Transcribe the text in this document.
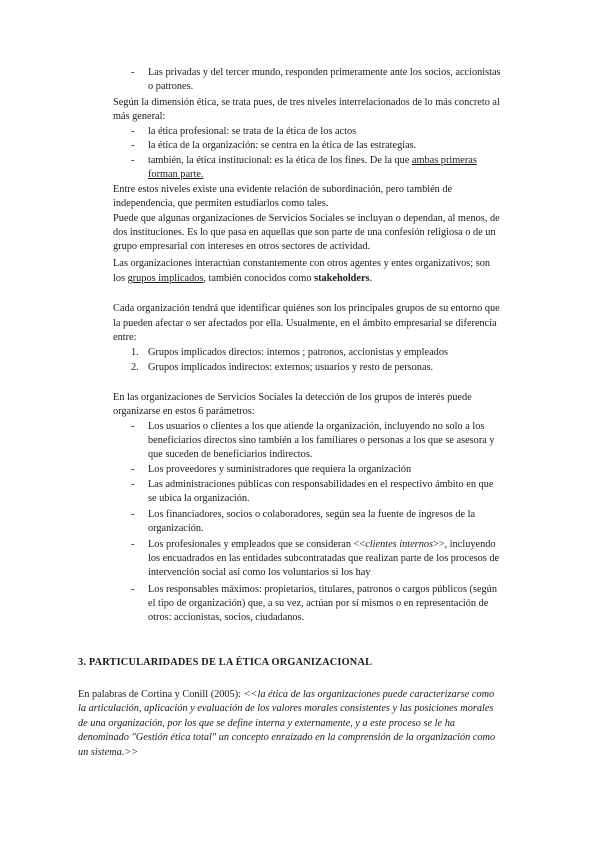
- Las privadas y del tercer mundo, responden primeramente ante los socios, accionistas
o patrones.
Según la dimensión ética, se trata pues, de tres niveles interrelacionados de lo más concreto al
más general:
- la ética profesional: se trata de la ética de los actos
- la ética de la organización: se centra en la ética de las estrategias.
- también, la ética institucional: es la ética de los fines. De la que ambas primeras
forman parte.
Entre estos niveles existe una evidente relación de subordinación, pero también de
independencia, que permiten estudiarlos como tales.
Puede que algunas organizaciones de Servicios Sociales se incluyan o dependan, al menos, de
dos instituciones. Es lo que pasa en aquellas que son parte de una confesión religiosa o de un
grupo empresarial con intereses en otros sectores de actividad.
Las organizaciones interactúan constantemente con otros agentes y entes organizativos; son
los grupos implicados, también conocidos como stakeholders.
Cada organización tendrá que identificar quiénes son los principales grupos de su entorno que
la pueden afectar o ser afectados por ella. Usualmente, en el ámbito empresarial se diferencia
entre:
1. Grupos implicados directos: internos ; patronos, accionistas y empleados
2. Grupos implicados indirectos: externos; usuarios y resto de personas.
En las organizaciones de Servicios Sociales la detección de los grupos de interés puede
organizarse en estos 6 parámetros:
- Los usuarios o clientes a los que atiende la organización, incluyendo no solo a los
beneficiarios directos sino también a los familiares o personas a los que se asesora y
que suceden de beneficiarios indirectos.
- Los proveedores y suministradores que requiera la organización
- Las administraciones públicas con responsabilidades en el respectivo ámbito en que
se ubica la organización.
- Los financiadores, socios o colaboradores, según sea la fuente de ingresos de la
organización.
- Los profesionales y empleados que se consideran <<clientes internos>>, incluyendo
los encuadrados en las entidades subcontratadas que realizan parte de los procesos de
intervención social así como los voluntarios si los hay
- Los responsables máximos: propietarios, titulares, patronos o cargos públicos (según
el tipo de organización) que, a su vez, actúan por sí mismos o en representación de
otros: accionistas, socios, ciudadanos.
3. PARTICULARIDADES DE LA ÉTICA ORGANIZACIONAL
En palabras de Cortina y Conill (2005): <<la ética de las organizaciones puede caracterizarse como
la articulación, aplicación y evaluación de los valores morales consistentes y las posiciones morales
de una organización, por los que se define interna y externamente, y a este proceso se le ha
denominado "Gestión ética total" un concepto enraizado en la comprensión de la organización como
un sistema.>>
